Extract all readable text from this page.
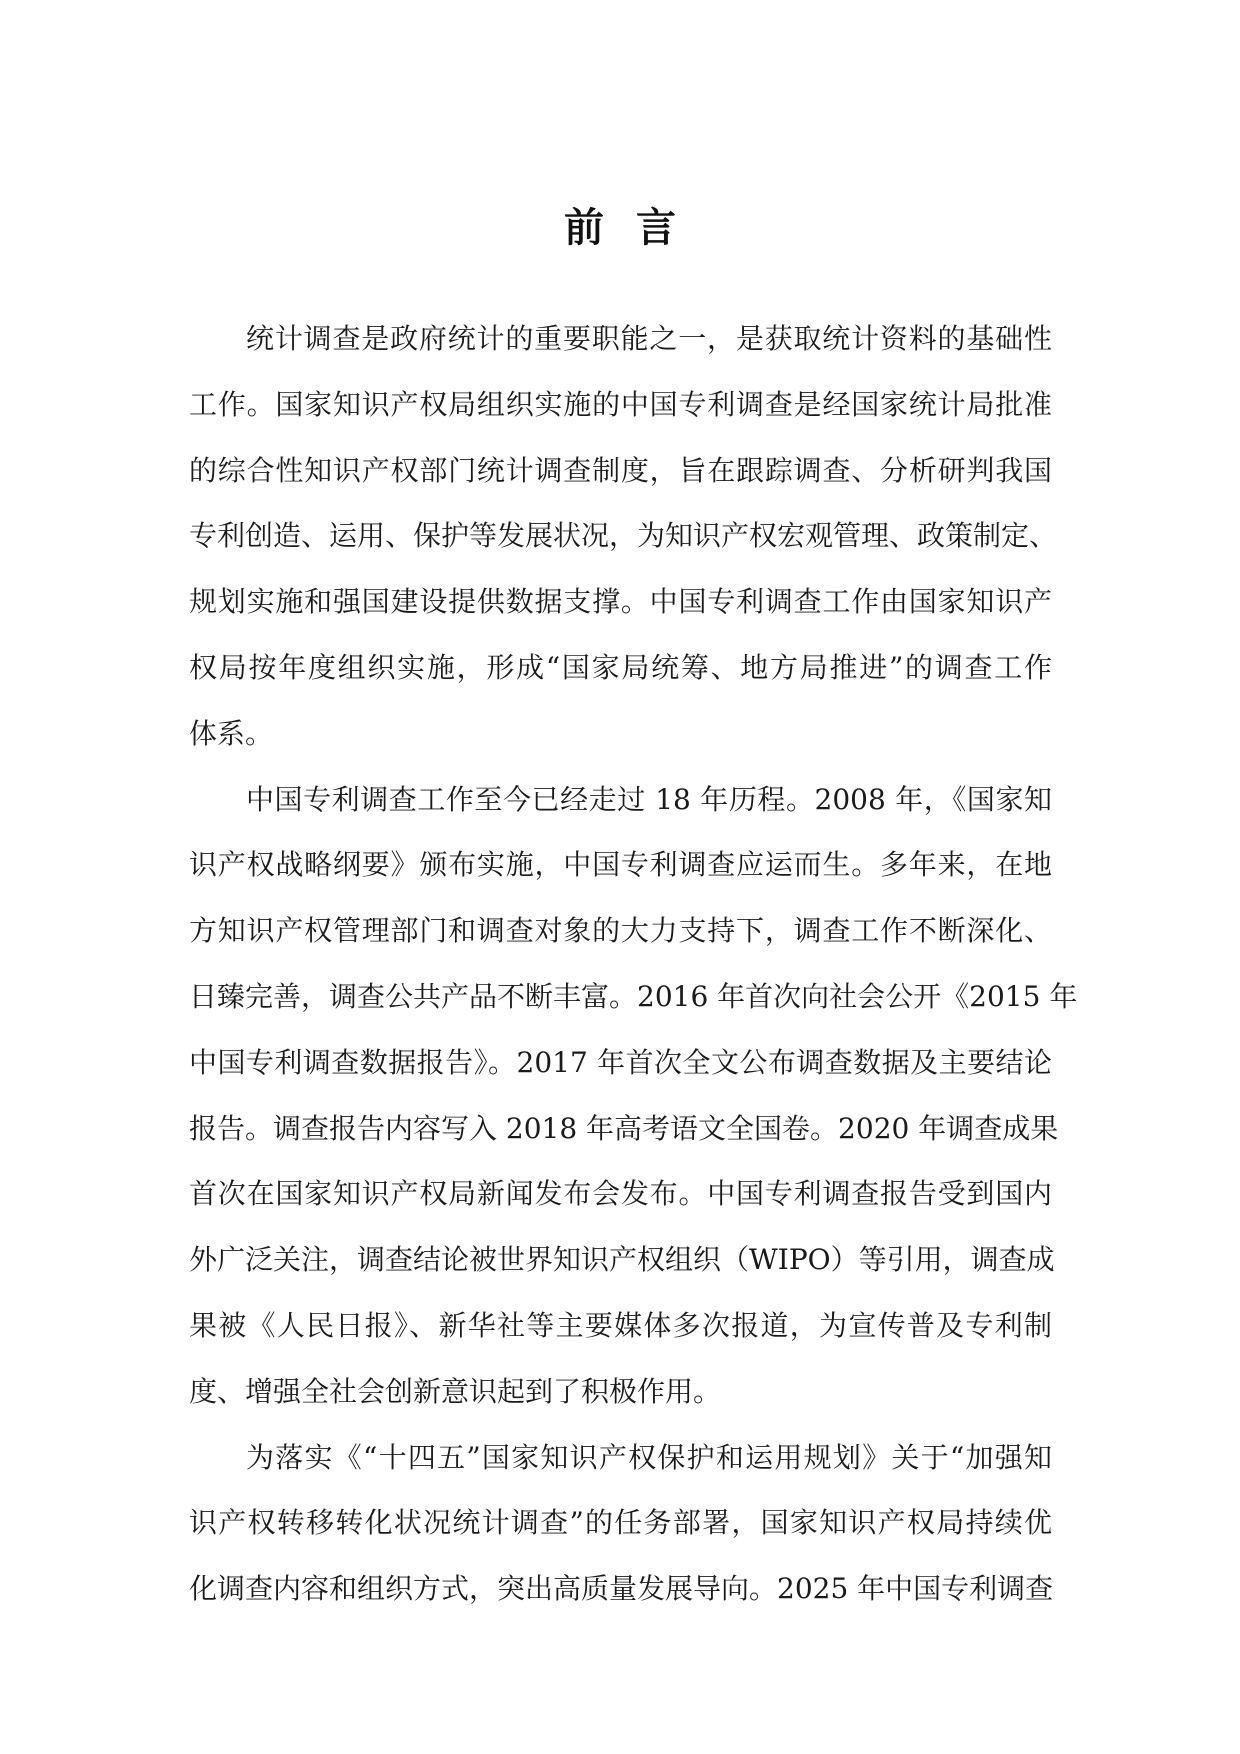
前言
统计调查是政府统计的重要职能之一，是获取统计资料的基础性
工作。国家知识产权局组织实施的中国专利调查是经国家统计局批准
的综合性知识产权部门统计调查制度，旨在跟踪调查、分析研判我国
专利创造、运用、保护等发展状况，为知识产权宏观管理、政策制定、
规划实施和强国建设提供数据支撑。中国专利调查工作由国家知识产
权局按年度组织实施，形成“国家局统筹、地方局推进”的调查工作
体系。
中国专利调查工作至今已经走过 18 年历程。2008 年，《国家知
识产权战略纲要》颁布实施，中国专利调查应运而生。多年来，在地
方知识产权管理部门和调查对象的大力支持下，调查工作不断深化、
日臻完善，调查公共产品不断丰富。2016 年首次向社会公开《2015 年
中国专利调查数据报告》。2017 年首次全文公布调查数据及主要结论
报告。调查报告内容写入 2018 年高考语文全国卷。2020 年调查成果
首次在国家知识产权局新闻发布会发布。中国专利调查报告受到国内
外广泛关注，调查结论被世界知识产权组织（WIPO）等引用，调查成
果被《人民日报》、新华社等主要媒体多次报道，为宣传普及专利制
度、增强全社会创新意识起到了积极作用。
为落实《“十四五”国家知识产权保护和运用规划》关于“加强知
识产权转移转化状况统计调查”的任务部署，国家知识产权局持续优
化调查内容和组织方式，突出高质量发展导向。2025 年中国专利调查
